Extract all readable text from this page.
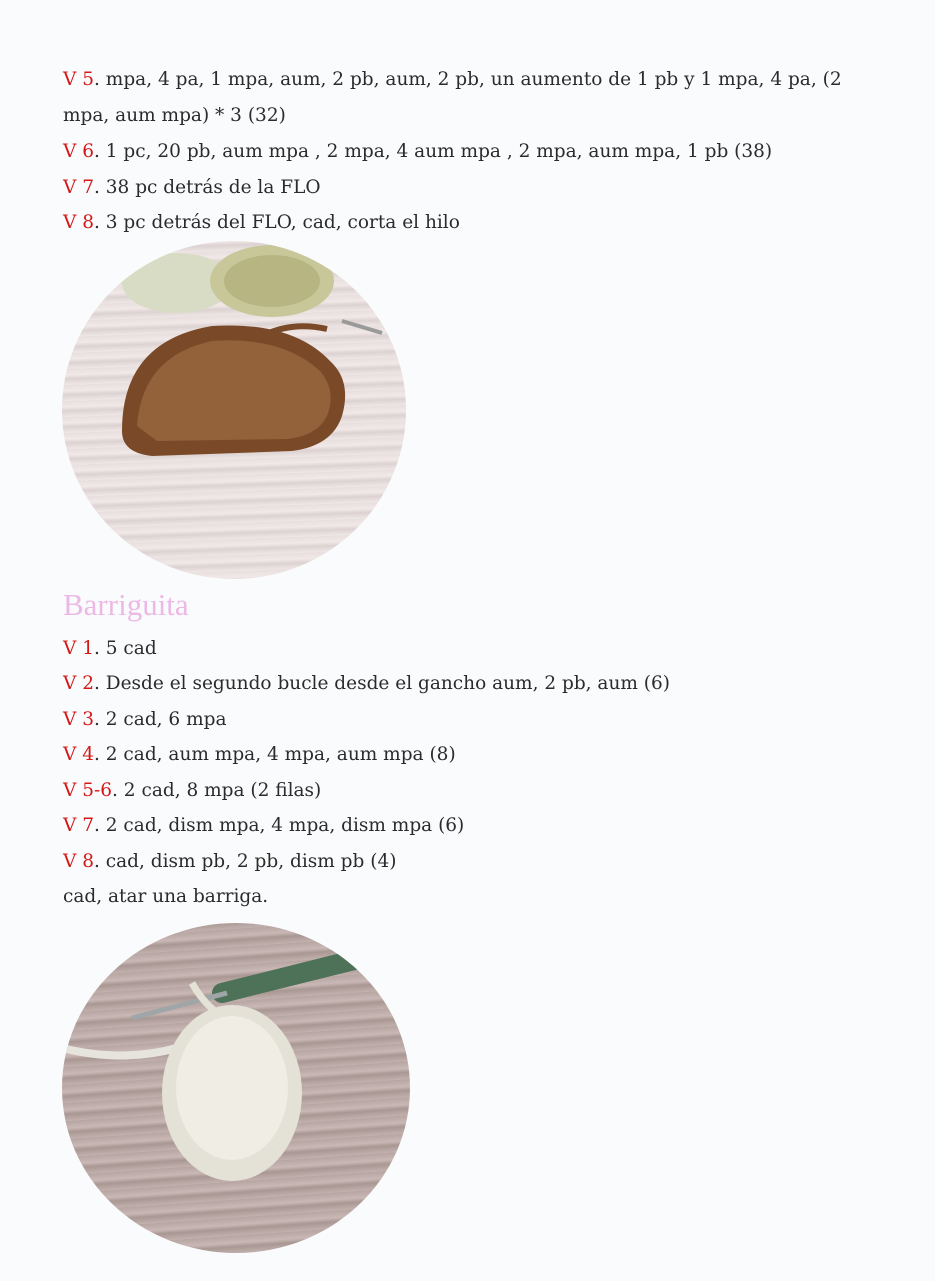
V 5. mpa, 4 pa, 1 mpa, aum, 2 pb, aum, 2 pb, un aumento de 1 pb y 1 mpa, 4 pa, (2 mpa, aum mpa) * 3 (32)

V 6. 1 pc, 20 pb, aum mpa , 2 mpa, 4 aum mpa , 2 mpa, aum mpa, 1 pb (38)

V 7. 38 pc detrás de la FLO

V 8. 3 pc detrás del FLO, cad, corta el hilo

Barriguita

V 1. 5 cad

V 2. Desde el segundo bucle desde el gancho aum, 2 pb, aum (6)

V 3. 2 cad, 6 mpa

V 4. 2 cad, aum mpa, 4 mpa, aum mpa (8)

V 5-6. 2 cad, 8 mpa (2 filas)

V 7. 2 cad, dism mpa, 4 mpa, dism mpa (6)

V 8. cad, dism pb, 2 pb, dism pb (4)

cad, atar una barriga.
